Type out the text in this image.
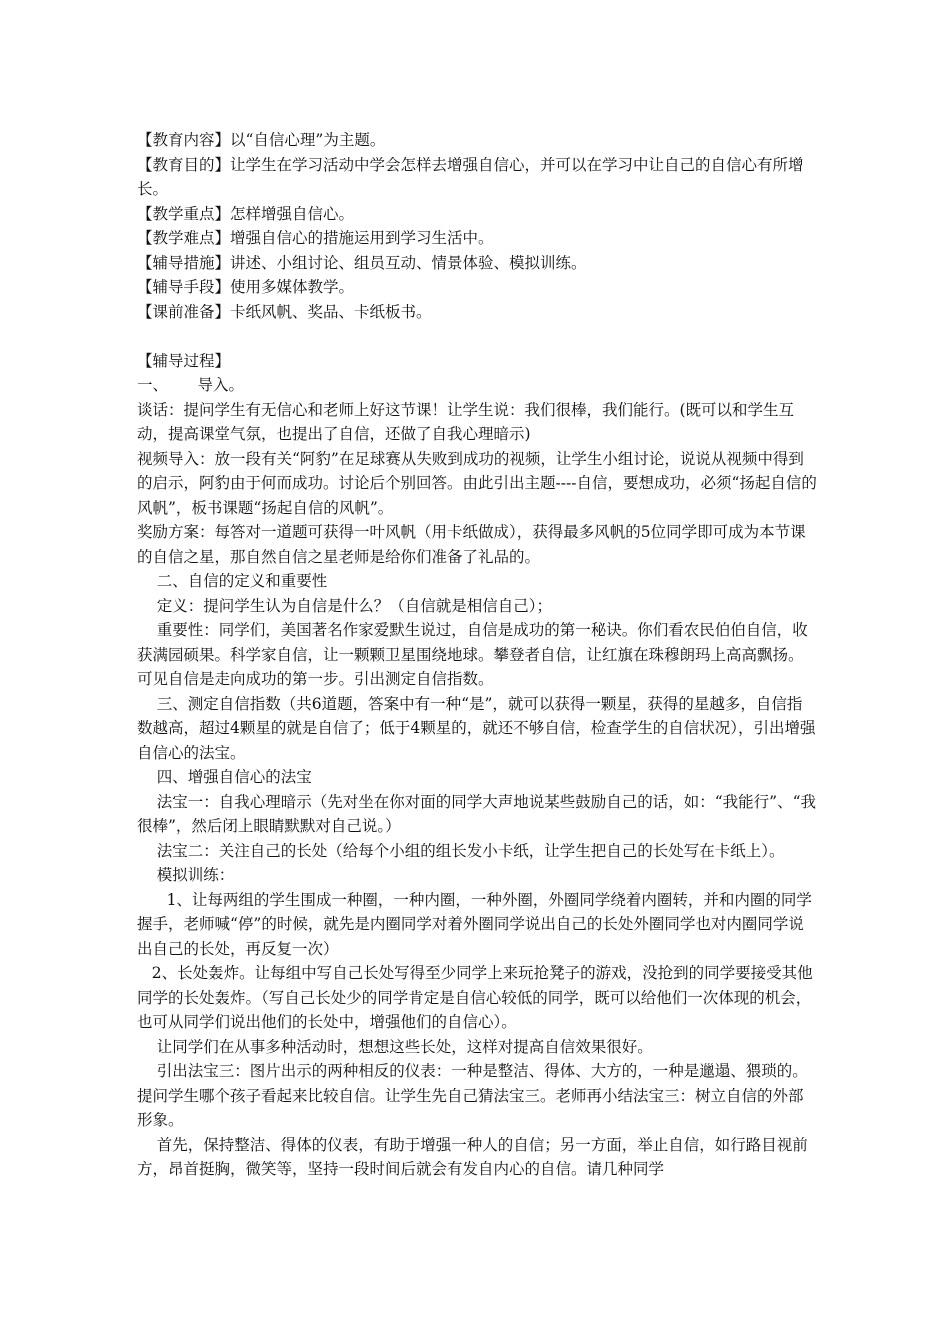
【教育内容】以“自信心理”为主题。

【教育目的】让学生在学习活动中学会怎样去增强自信心，并可以在学习中让自己的自信心有所增长。

【教学重点】怎样增强自信心。

【教学难点】增强自信心的措施运用到学习生活中。

【辅导措施】讲述、小组讨论、组员互动、情景体验、模拟训练。

【辅导手段】使用多媒体教学。

【课前准备】卡纸风帆、奖品、卡纸板书。

【辅导过程】

一、      导入。

谈话：提问学生有无信心和老师上好这节课！让学生说：我们很棒，我们能行。(既可以和学生互动，提高课堂气氛，也提出了自信，还做了自我心理暗示)

视频导入：放一段有关“阿豹”在足球赛从失败到成功的视频，让学生小组讨论，说说从视频中得到的启示，阿豹由于何而成功。讨论后个别回答。由此引出主题----自信，要想成功，必须“扬起自信的风帆”，板书课题“扬起自信的风帆”。

奖励方案：每答对一道题可获得一叶风帆（用卡纸做成），获得最多风帆的5位同学即可成为本节课的自信之星，那自然自信之星老师是给你们准备了礼品的。

二、自信的定义和重要性

定义：提问学生认为自信是什么？（自信就是相信自己）；

重要性：同学们，美国著名作家爱默生说过，自信是成功的第一秘诀。你们看农民伯伯自信，收获满园硕果。科学家自信，让一颗颗卫星围绕地球。攀登者自信，让红旗在珠穆朗玛上高高飘扬。可见自信是走向成功的第一步。引出测定自信指数。

三、测定自信指数（共6道题，答案中有一种“是”，就可以获得一颗星，获得的星越多，自信指数越高，超过4颗星的就是自信了；低于4颗星的，就还不够自信，检查学生的自信状况），引出增强自信心的法宝。

四、增强自信心的法宝

法宝一：自我心理暗示（先对坐在你对面的同学大声地说某些鼓励自己的话，如：“我能行”、“我很棒”，然后闭上眼睛默默对自己说。）

法宝二：关注自己的长处（给每个小组的组长发小卡纸，让学生把自己的长处写在卡纸上）。

模拟训练：

1、让每两组的学生围成一种圈，一种内圈，一种外圈，外圈同学绕着内圈转，并和内圈的同学握手，老师喊“停”的时候，就先是内圈同学对着外圈同学说出自己的长处外圈同学也对内圈同学说出自己的长处，再反复一次）

2、长处轰炸。让每组中写自己长处写得至少同学上来玩抢凳子的游戏，没抢到的同学要接受其他同学的长处轰炸。（写自己长处少的同学肯定是自信心较低的同学，既可以给他们一次体现的机会，也可从同学们说出他们的长处中，增强他们的自信心）。

让同学们在从事多种活动时，想想这些长处，这样对提高自信效果很好。

引出法宝三：图片出示的两种相反的仪表：一种是整洁、得体、大方的，一种是邋遢、猥琐的。提问学生哪个孩子看起来比较自信。让学生先自己猜法宝三。老师再小结法宝三：树立自信的外部形象。

首先，保持整洁、得体的仪表，有助于增强一种人的自信；另一方面，举止自信，如行路目视前方，昂首挺胸，微笑等，坚持一段时间后就会有发自内心的自信。请几种同学
